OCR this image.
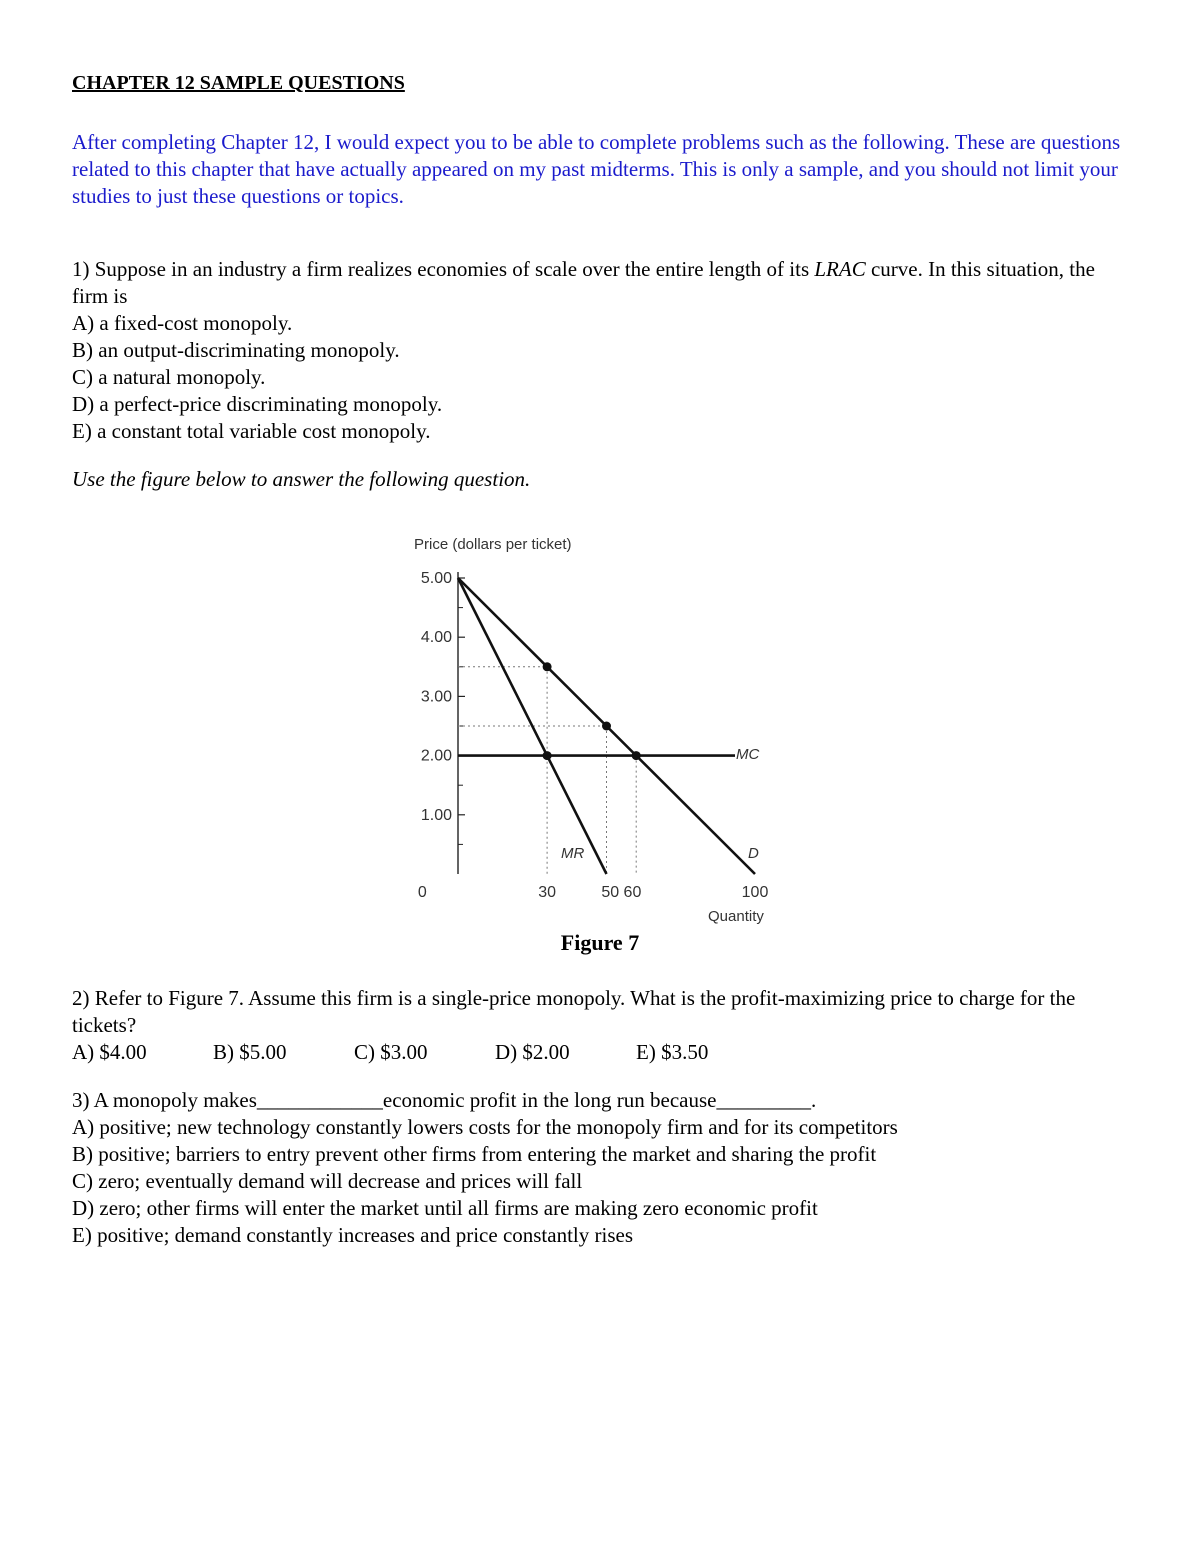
CHAPTER 12 SAMPLE QUESTIONS

After completing Chapter 12, I would expect you to be able to complete problems such as the following. These are questions related to this chapter that have actually appeared on my past midterms. This is only a sample, and you should not limit your studies to just these questions or topics.

1) Suppose in an industry a firm realizes economies of scale over the entire length of its LRAC curve. In this situation, the firm is

A) a fixed-cost monopoly.

B) an output-discriminating monopoly.

C) a natural monopoly.

D) a perfect-price discriminating monopoly.

E) a constant total variable cost monopoly.

Use the figure below to answer the following question.
Price (dollars per ticket)
5.00
4.00
3.00
2.00
1.00
0	30	50 60	100
MC
MR	D
Quantity
Figure 7
2) Refer to Figure 7. Assume this firm is a single-price monopoly. What is the profit-maximizing price to charge for the tickets?
A) $4.00	B) $5.00	C) $3.00	D) $2.00	E) $3.50
3) A monopoly makes____________economic profit in the long run because_________.

A) positive; new technology constantly lowers costs for the monopoly firm and for its competitors

B) positive; barriers to entry prevent other firms from entering the market and sharing the profit

C) zero; eventually demand will decrease and prices will fall

D) zero; other firms will enter the market until all firms are making zero economic profit

E) positive; demand constantly increases and price constantly rises
